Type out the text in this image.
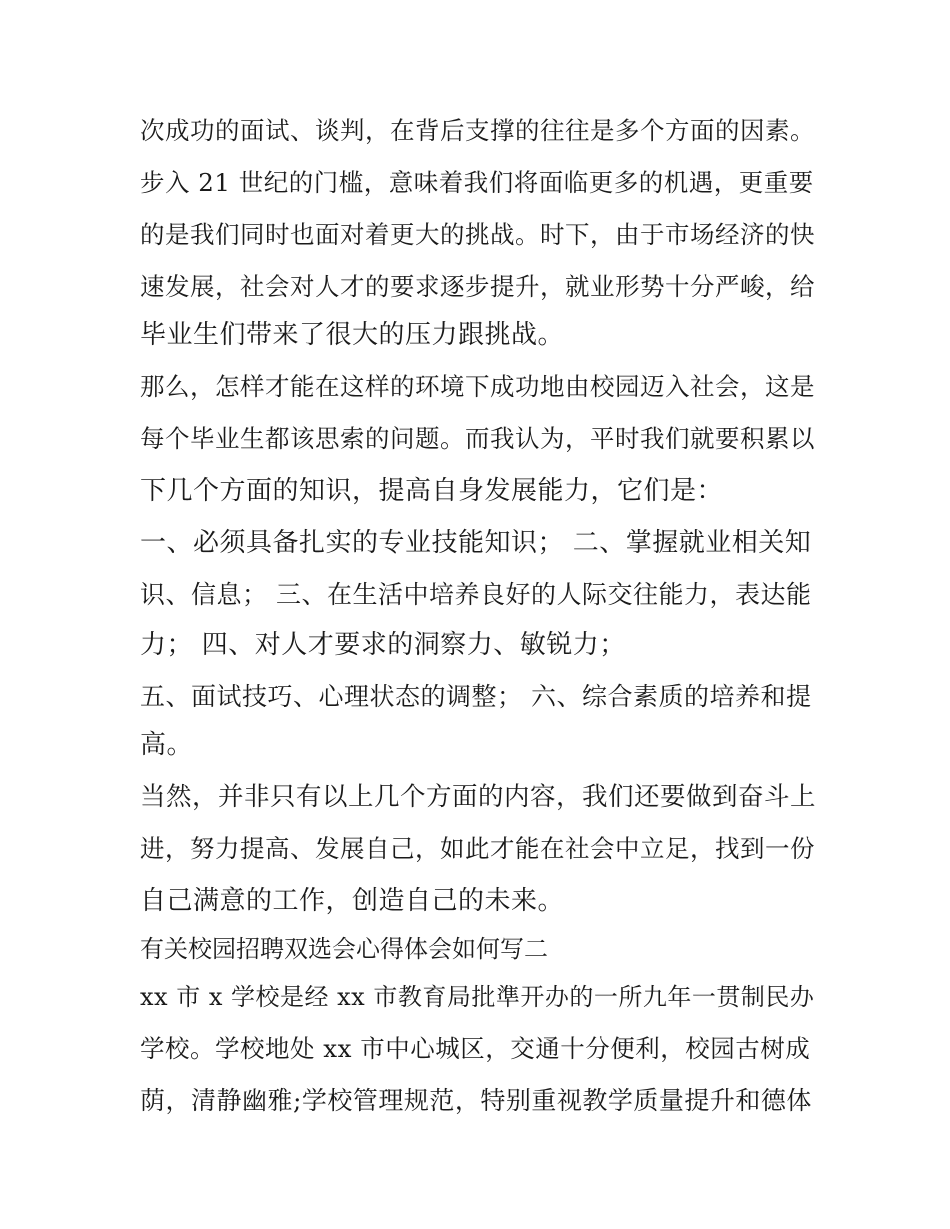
次成功的面试、谈判，在背后支撑的往往是多个方面的因素。

步入 21 世纪的门槛，意味着我们将面临更多的机遇，更重要

的是我们同时也面对着更大的挑战。时下，由于市场经济的快

速发展，社会对人才的要求逐步提升，就业形势十分严峻，给

毕业生们带来了很大的压力跟挑战。

那么，怎样才能在这样的环境下成功地由校园迈入社会，这是

每个毕业生都该思索的问题。而我认为，平时我们就要积累以

下几个方面的知识，提高自身发展能力，它们是：

一、必须具备扎实的专业技能知识； 二、掌握就业相关知

识、信息； 三、在生活中培养良好的人际交往能力，表达能

力； 四、对人才要求的洞察力、敏锐力；

五、面试技巧、心理状态的调整； 六、综合素质的培养和提

高。

当然，并非只有以上几个方面的内容，我们还要做到奋斗上

进，努力提高、发展自己，如此才能在社会中立足，找到一份

自己满意的工作，创造自己的未来。

有关校园招聘双选会心得体会如何写二

xx 市 x 学校是经 xx 市教育局批準开办的一所九年一贯制民办

学校。学校地处 xx 市中心城区，交通十分便利，校园古树成

荫，清静幽雅;学校管理规范，特别重视教学质量提升和德体
